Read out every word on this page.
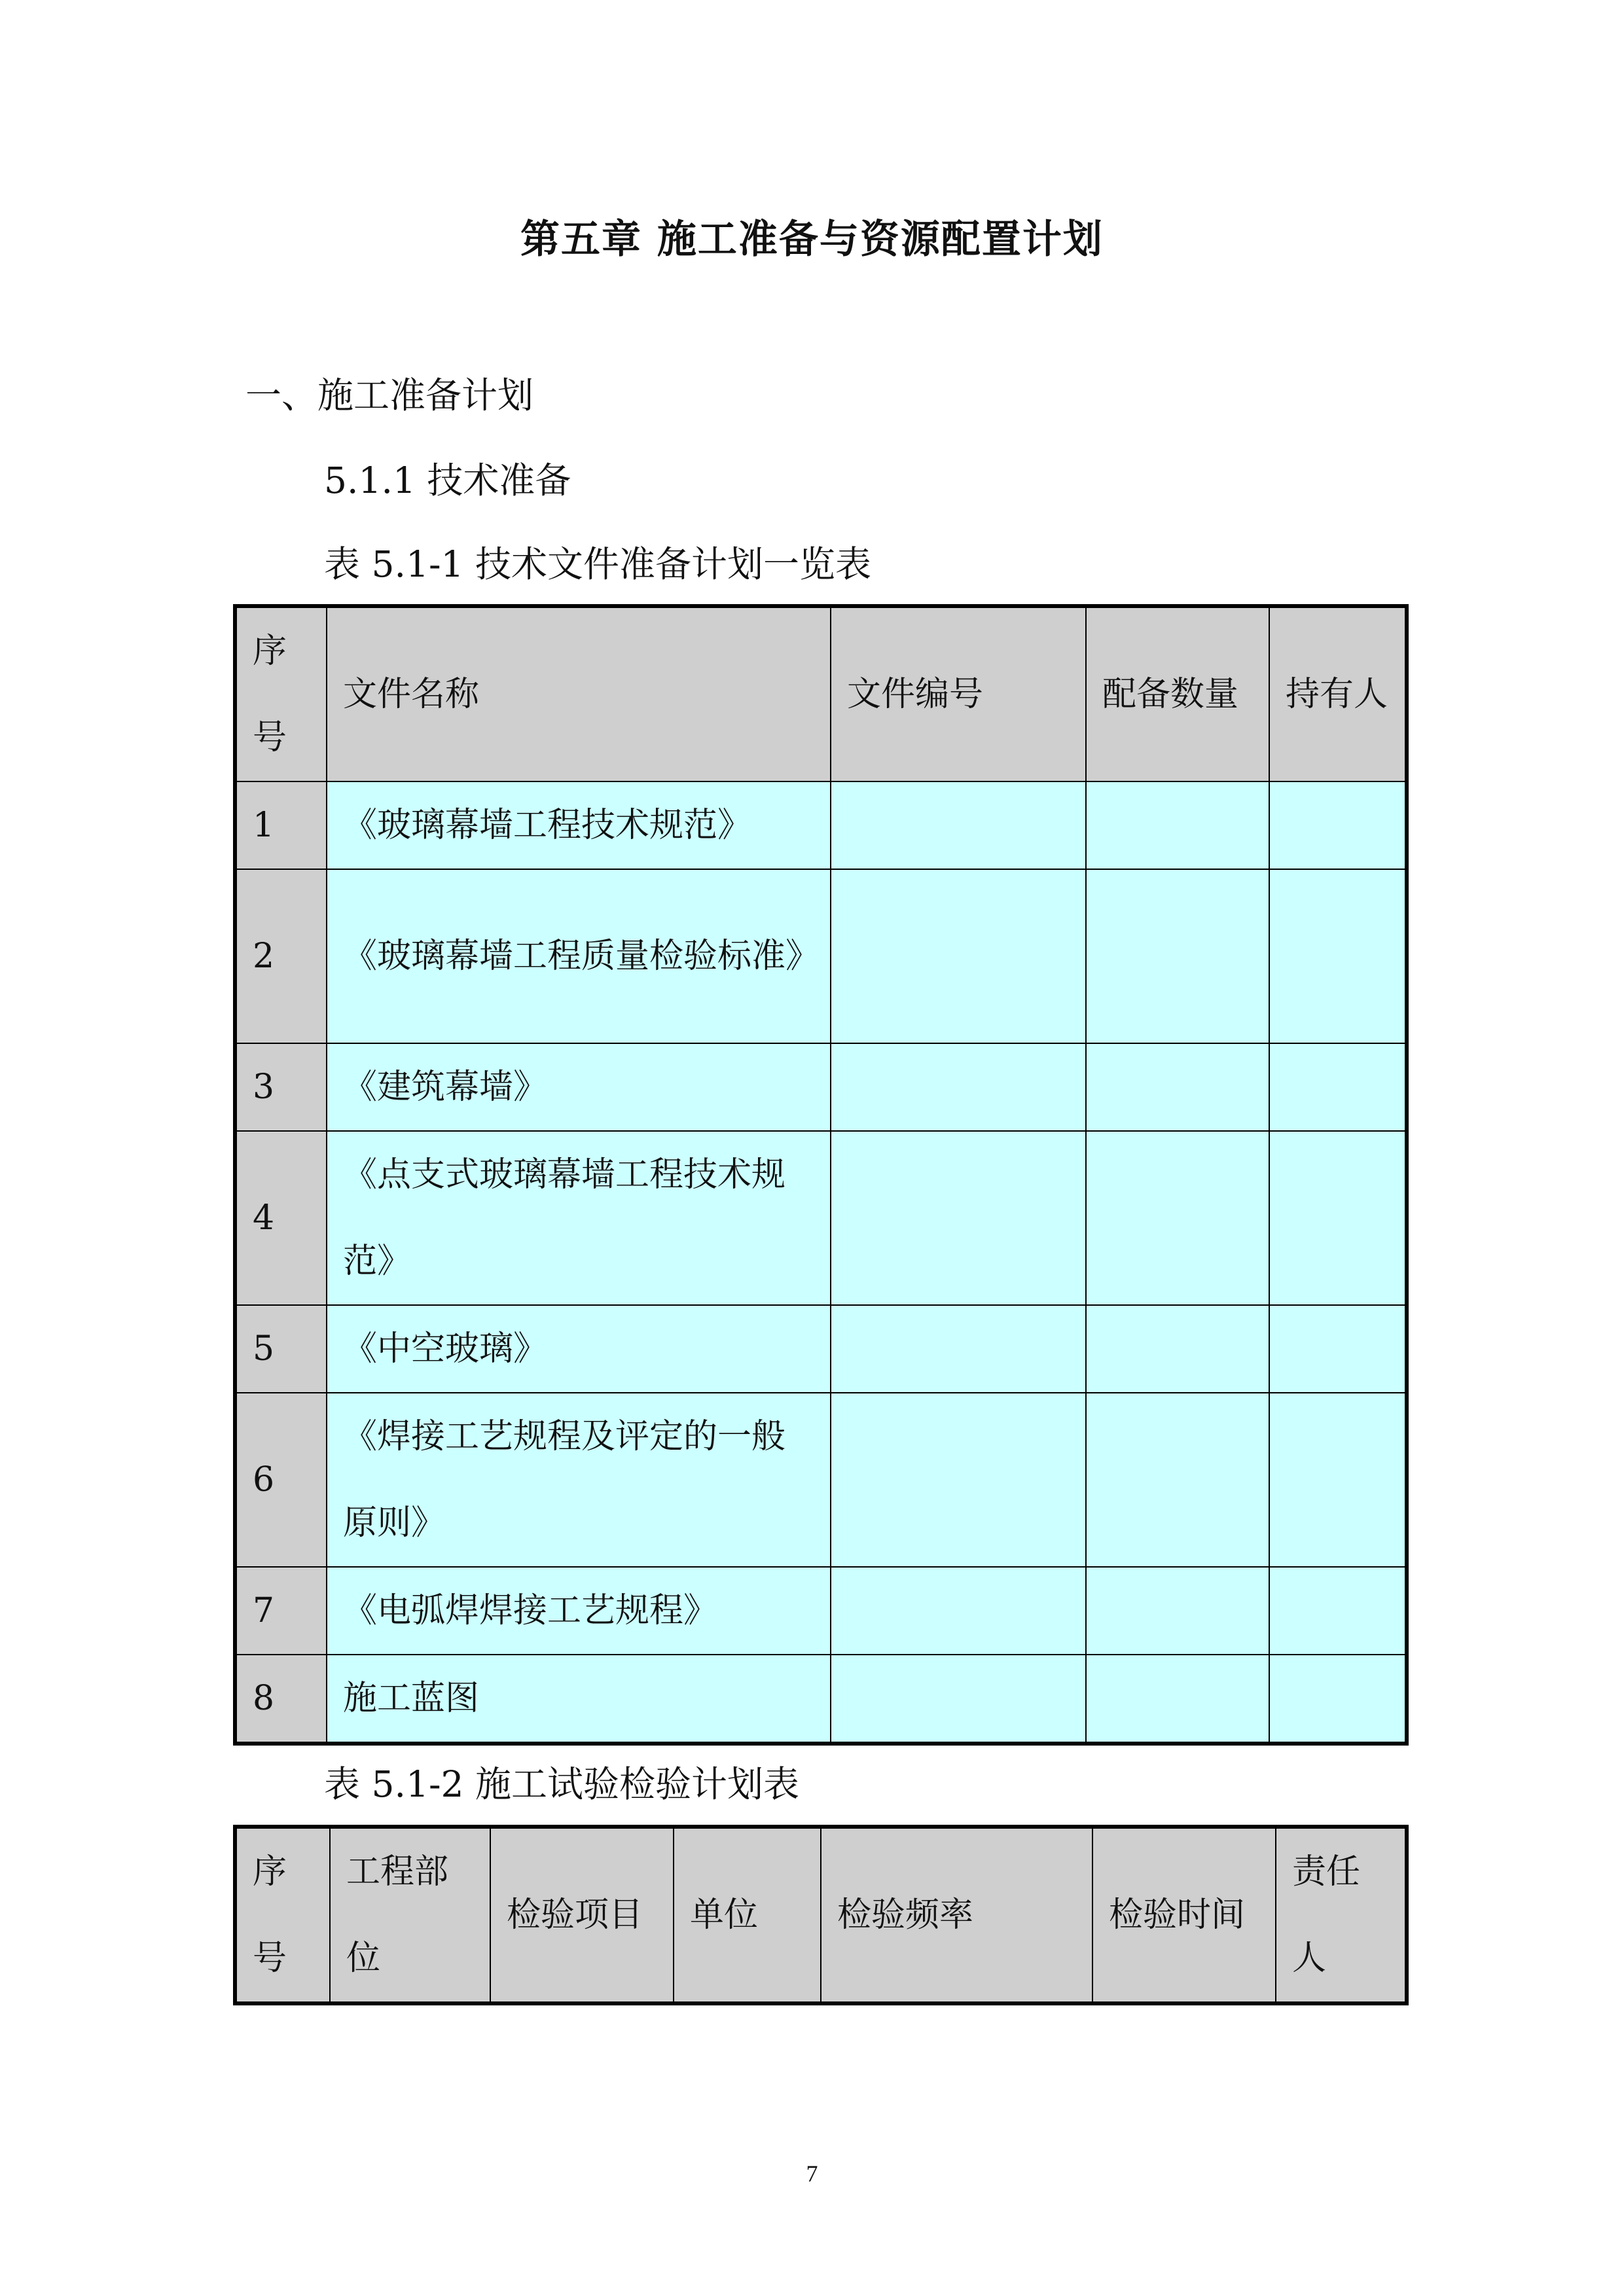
第五章 施工准备与资源配置计划
一、施工准备计划
5.1.1 技术准备
表 5.1-1 技术文件准备计划一览表
序号	文件名称	文件编号	配备数量	持有人
1	《玻璃幕墙工程技术规范》			
2	《玻璃幕墙工程质量检验标准》			
3	《建筑幕墙》			
4	《点支式玻璃幕墙工程技术规范》			
5	《中空玻璃》			
6	《焊接工艺规程及评定的一般原则》			
7	《电弧焊焊接工艺规程》			
8	施工蓝图			
表 5.1-2 施工试验检验计划表
序号	工程部位	检验项目	单位	检验频率	检验时间	责任人
7
